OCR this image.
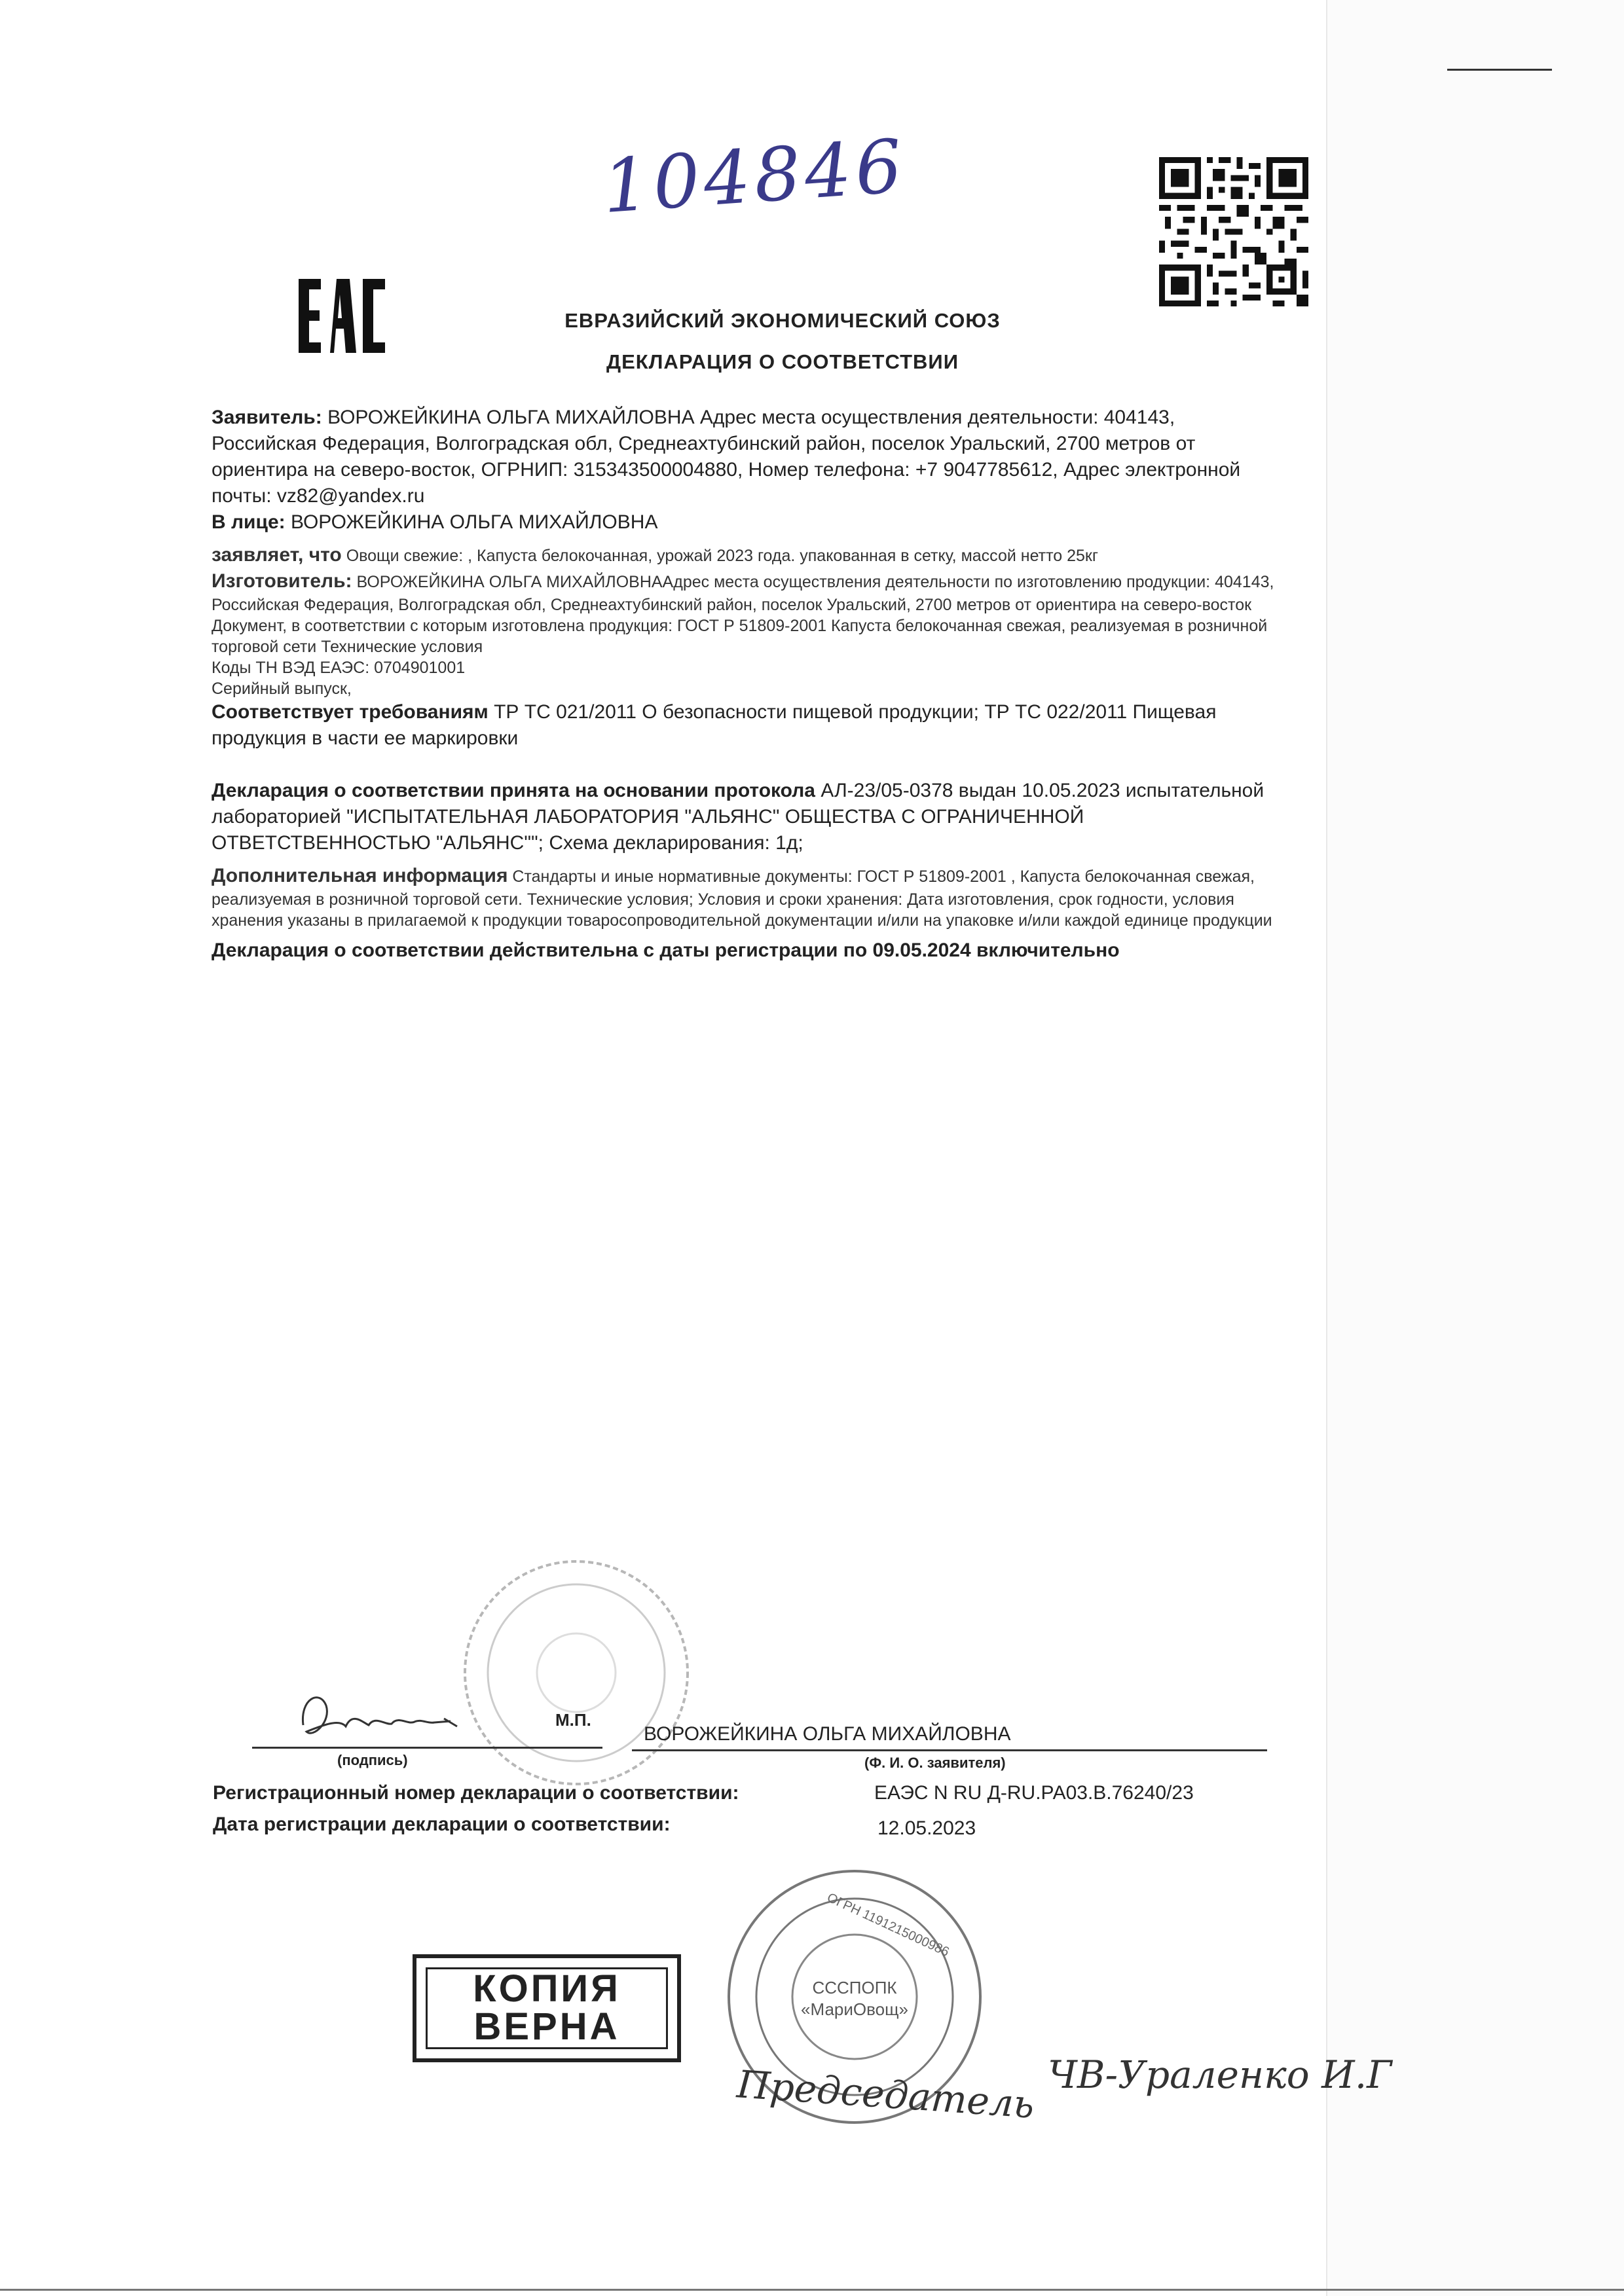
104846
ЕВРАЗИЙСКИЙ ЭКОНОМИЧЕСКИЙ СОЮЗ
ДЕКЛАРАЦИЯ О СООТВЕТСТВИИ

Заявитель: ВОРОЖЕЙКИНА ОЛЬГА МИХАЙЛОВНА Адрес места осуществления деятельности: 404143, Российская Федерация, Волгоградская обл, Среднеахтубинский район, поселок Уральский, 2700 метров от ориентира на северо-восток, ОГРНИП: 315343500004880, Номер телефона: +7 9047785612, Адрес электронной почты: vz82@yandex.ru

В лице: ВОРОЖЕЙКИНА ОЛЬГА МИХАЙЛОВНА

заявляет, что Овощи свежие: , Капуста белокочанная, урожай 2023 года. упакованная в сетку, массой нетто 25кг

Изготовитель: ВОРОЖЕЙКИНА ОЛЬГА МИХАЙЛОВНААдрес места осуществления деятельности по изготовлению продукции: 404143, Российская Федерация, Волгоградская обл, Среднеахтубинский район, поселок Уральский, 2700 метров от ориентира на северо-восток

Документ, в соответствии с которым изготовлена продукция: ГОСТ Р 51809-2001 Капуста белокочанная свежая, реализуемая в розничной торговой сети Технические условия

Коды ТН ВЭД ЕАЭС: 0704901001

Серийный выпуск,

Соответствует требованиям ТР ТС 021/2011 О безопасности пищевой продукции; ТР ТС 022/2011 Пищевая продукция в части ее маркировки

Декларация о соответствии принята на основании протокола АЛ-23/05-0378 выдан 10.05.2023 испытательной лабораторией "ИСПЫТАТЕЛЬНАЯ ЛАБОРАТОРИЯ "АЛЬЯНС" ОБЩЕСТВА С ОГРАНИЧЕННОЙ ОТВЕТСТВЕННОСТЬЮ "АЛЬЯНС""; Схема декларирования: 1д;

Дополнительная информация Стандарты и иные нормативные документы: ГОСТ Р 51809-2001 , Капуста белокочанная свежая, реализуемая в розничной торговой сети. Технические условия; Условия и сроки хранения: Дата изготовления, срок годности, условия хранения указаны в прилагаемой к продукции товаросопроводительной документации и/или на упаковке и/или каждой единице продукции

Декларация о соответствии действительна с даты регистрации по 09.05.2024 включительно

(подпись)
М.П.
ВОРОЖЕЙКИНА ОЛЬГА МИХАЙЛОВНА
(Ф. И. О. заявителя)
Регистрационный номер декларации о соответствии:	ЕАЭС N RU Д-RU.РА03.В.76240/23
Дата регистрации декларации о соответствии:	12.05.2023
КОПИЯ
ВЕРНА
СССПОПК
«МариОвощ»
ОГРН 1191215000986
Председатель ЧВ-Ураленко И.Г
